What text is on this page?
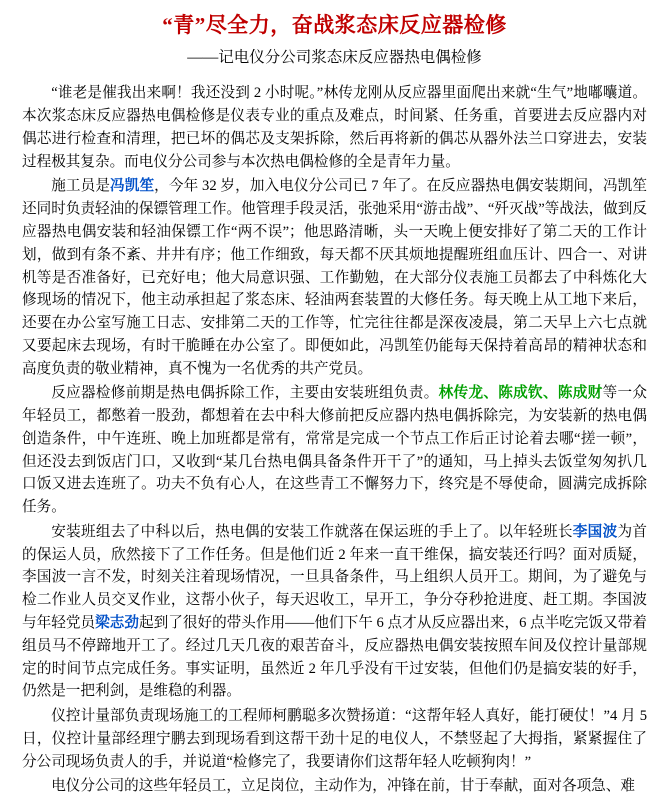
“青”尽全力，奋战浆态床反应器检修
——记电仪分公司浆态床反应器热电偶检修

“谁老是催我出来啊！我还没到 2 小时呢。”林传龙刚从反应器里面爬出来就“生气”地嘟囔道。本次浆态床反应器热电偶检修是仪表专业的重点及难点，时间紧、任务重，首要进去反应器内对偶芯进行检查和清理，把已坏的偶芯及支架拆除，然后再将新的偶芯从器外法兰口穿进去，安装过程极其复杂。而电仪分公司参与本次热电偶检修的全是青年力量。

施工员是冯凯笙，今年 32 岁，加入电仪分公司已 7 年了。在反应器热电偶安装期间，冯凯笙还同时负责轻油的保镖管理工作。他管理手段灵活，张弛采用“游击战”、“歼灭战”等战法，做到反应器热电偶安装和轻油保镖工作“两不误”；他思路清晰，头一天晚上便安排好了第二天的工作计划，做到有条不紊、井井有序；他工作细致，每天都不厌其烦地提醒班组血压计、四合一、对讲机等是否准备好，已充好电；他大局意识强、工作勤勉，在大部分仪表施工员都去了中科炼化大修现场的情况下，他主动承担起了浆态床、轻油两套装置的大修任务。每天晚上从工地下来后，还要在办公室写施工日志、安排第二天的工作等，忙完往往都是深夜凌晨，第二天早上六七点就又要起床去现场，有时干脆睡在办公室了。即便如此，冯凯笙仍能每天保持着高昂的精神状态和高度负责的敬业精神，真不愧为一名优秀的共产党员。

反应器检修前期是热电偶拆除工作，主要由安装班组负责。林传龙、陈成钦、陈成财等一众年轻员工，都憋着一股劲，都想着在去中科大修前把反应器内热电偶拆除完，为安装新的热电偶创造条件，中午连班、晚上加班都是常有，常常是完成一个节点工作后正讨论着去哪“搓一顿”，但还没去到饭店门口，又收到“某几台热电偶具备条件开干了”的通知，马上掉头去饭堂匆匆扒几口饭又进去连班了。功夫不负有心人，在这些青工不懈努力下，终究是不辱使命，圆满完成拆除任务。

安装班组去了中科以后，热电偶的安装工作就落在保运班的手上了。以年轻班长李国波为首的保运人员，欣然接下了工作任务。但是他们近 2 年来一直干维保，搞安装还行吗？面对质疑，李国波一言不发，时刻关注着现场情况，一旦具备条件，马上组织人员开工。期间，为了避免与检二作业人员交叉作业，这帮小伙子，每天迟收工，早开工，争分夺秒抢进度、赶工期。李国波与年轻党员梁志劲起到了很好的带头作用——他们下午 6 点才从反应器出来，6 点半吃完饭又带着组员马不停蹄地开工了。经过几天几夜的艰苦奋斗，反应器热电偶安装按照车间及仪控计量部规定的时间节点完成任务。事实证明，虽然近 2 年几乎没有干过安装，但他们仍是搞安装的好手，仍然是一把利剑，是维稳的利器。

仪控计量部负责现场施工的工程师柯鹏聪多次赞扬道：“这帮年轻人真好，能打硬仗！”4 月 5 日，仪控计量部经理宁鹏去到现场看到这帮干劲十足的电仪人，不禁竖起了大拇指，紧紧握住了分公司现场负责人的手，并说道“检修完了，我要请你们这帮年轻人吃顿狗肉！”

电仪分公司的这些年轻员工，立足岗位，主动作为，冲锋在前，甘于奉献，面对各项急、难
